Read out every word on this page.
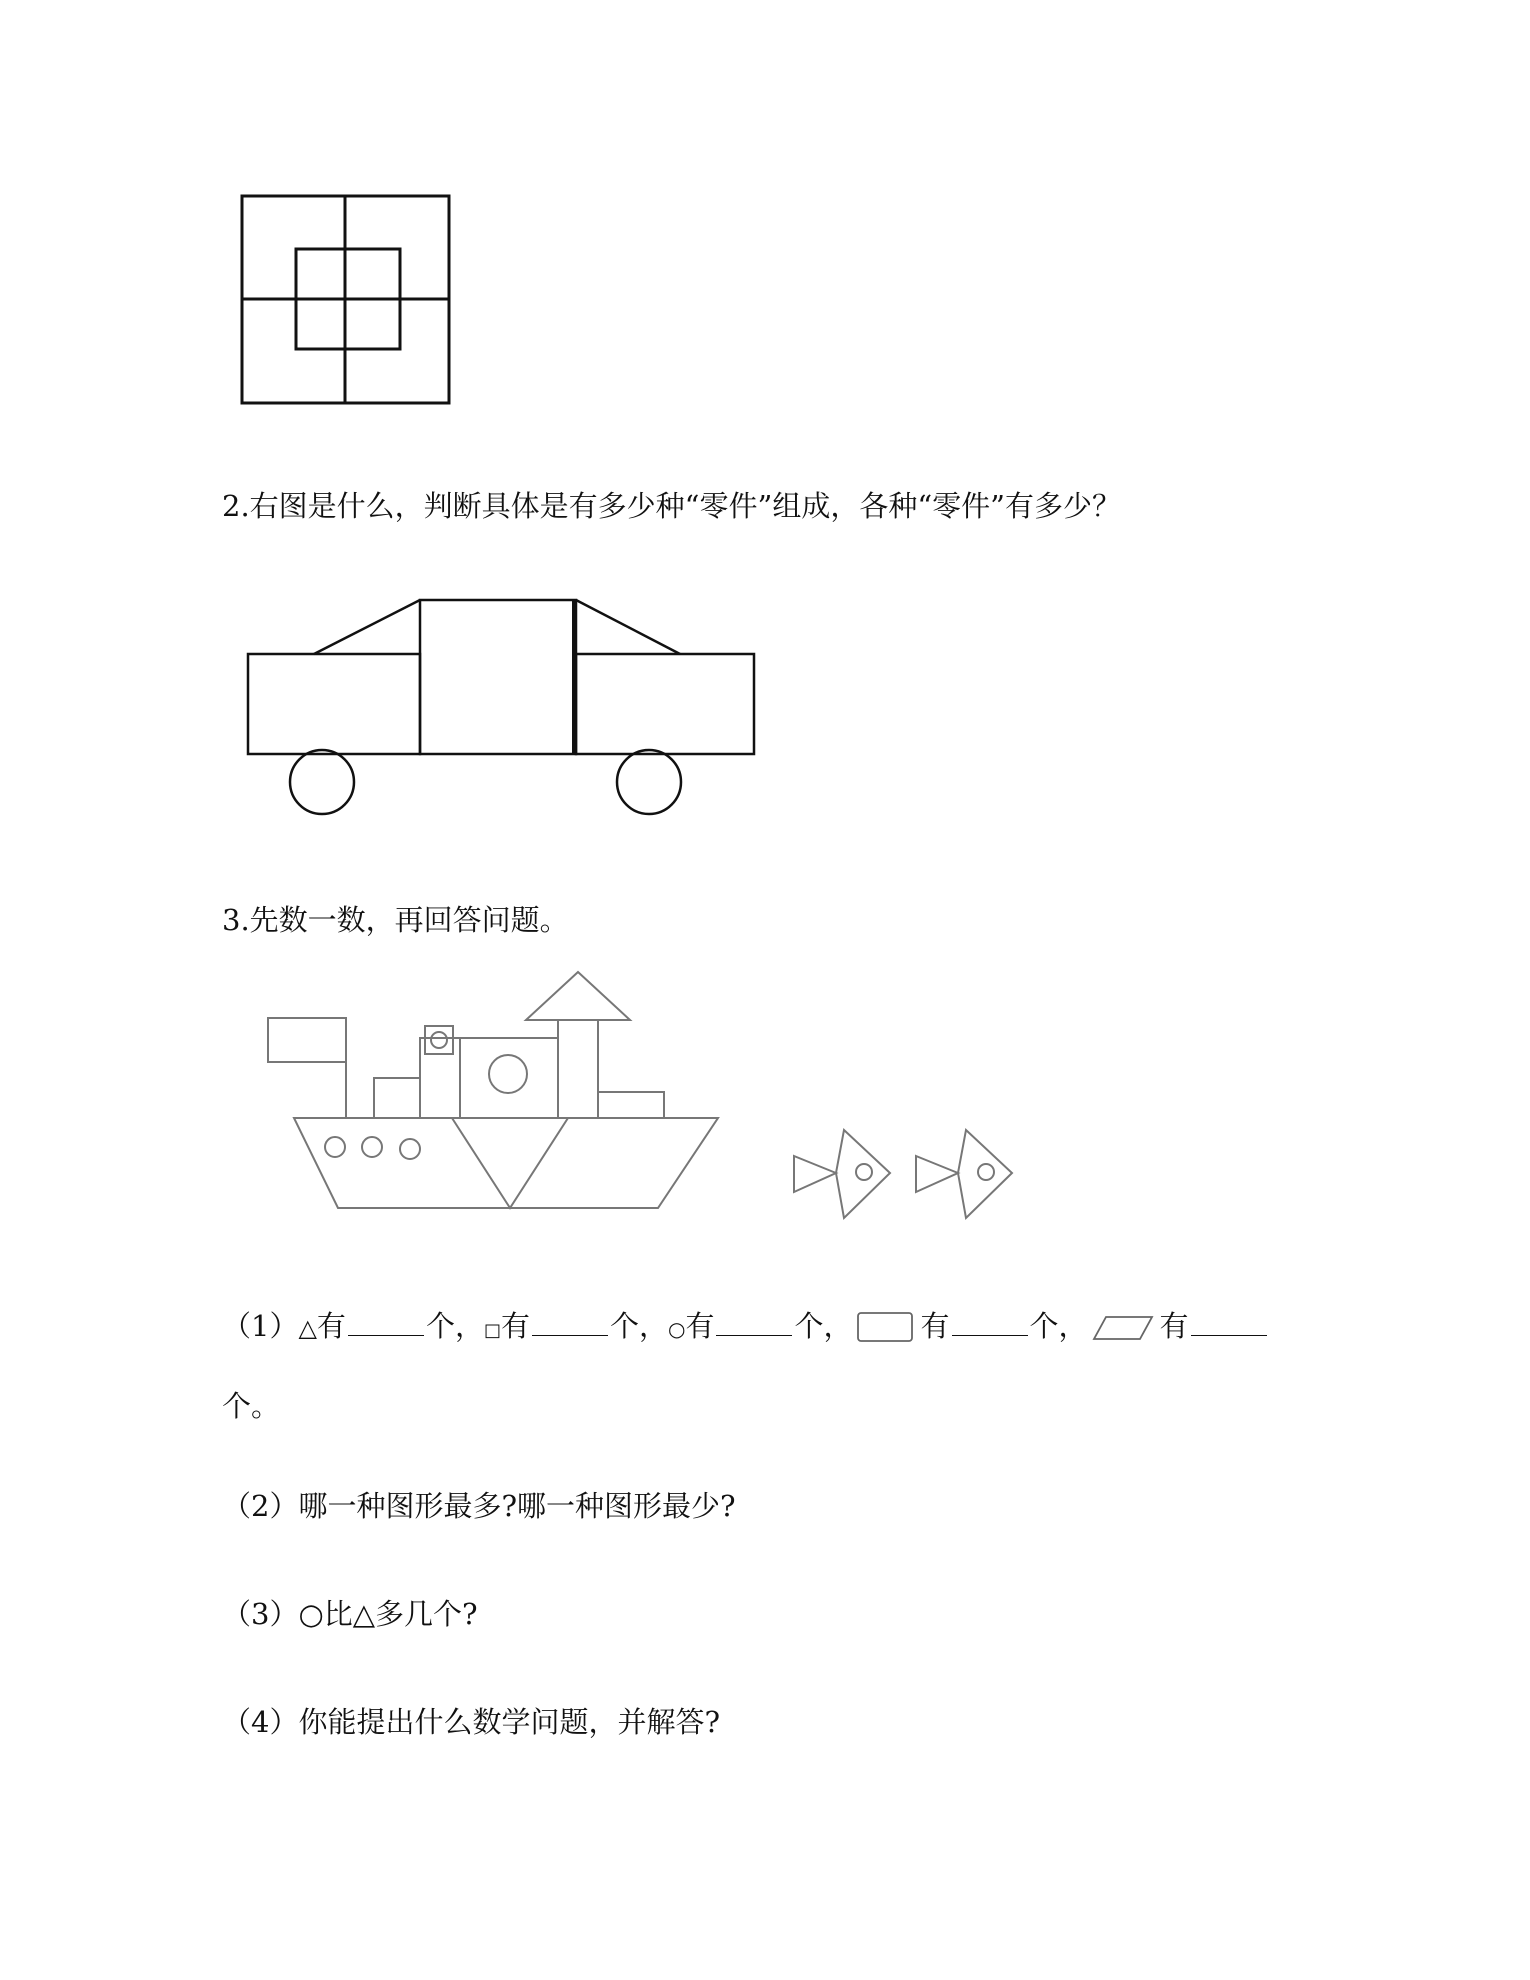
2.右图是什么，判断具体是有多少种“零件”组成，各种“零件”有多少？
3.先数一数，再回答问题。
（1）△有	个，□有	个，○有	个， 有	个， 有
个。
（2）哪一种图形最多?哪一种图形最少?
（3）○比△多几个?
（4）你能提出什么数学问题，并解答?
